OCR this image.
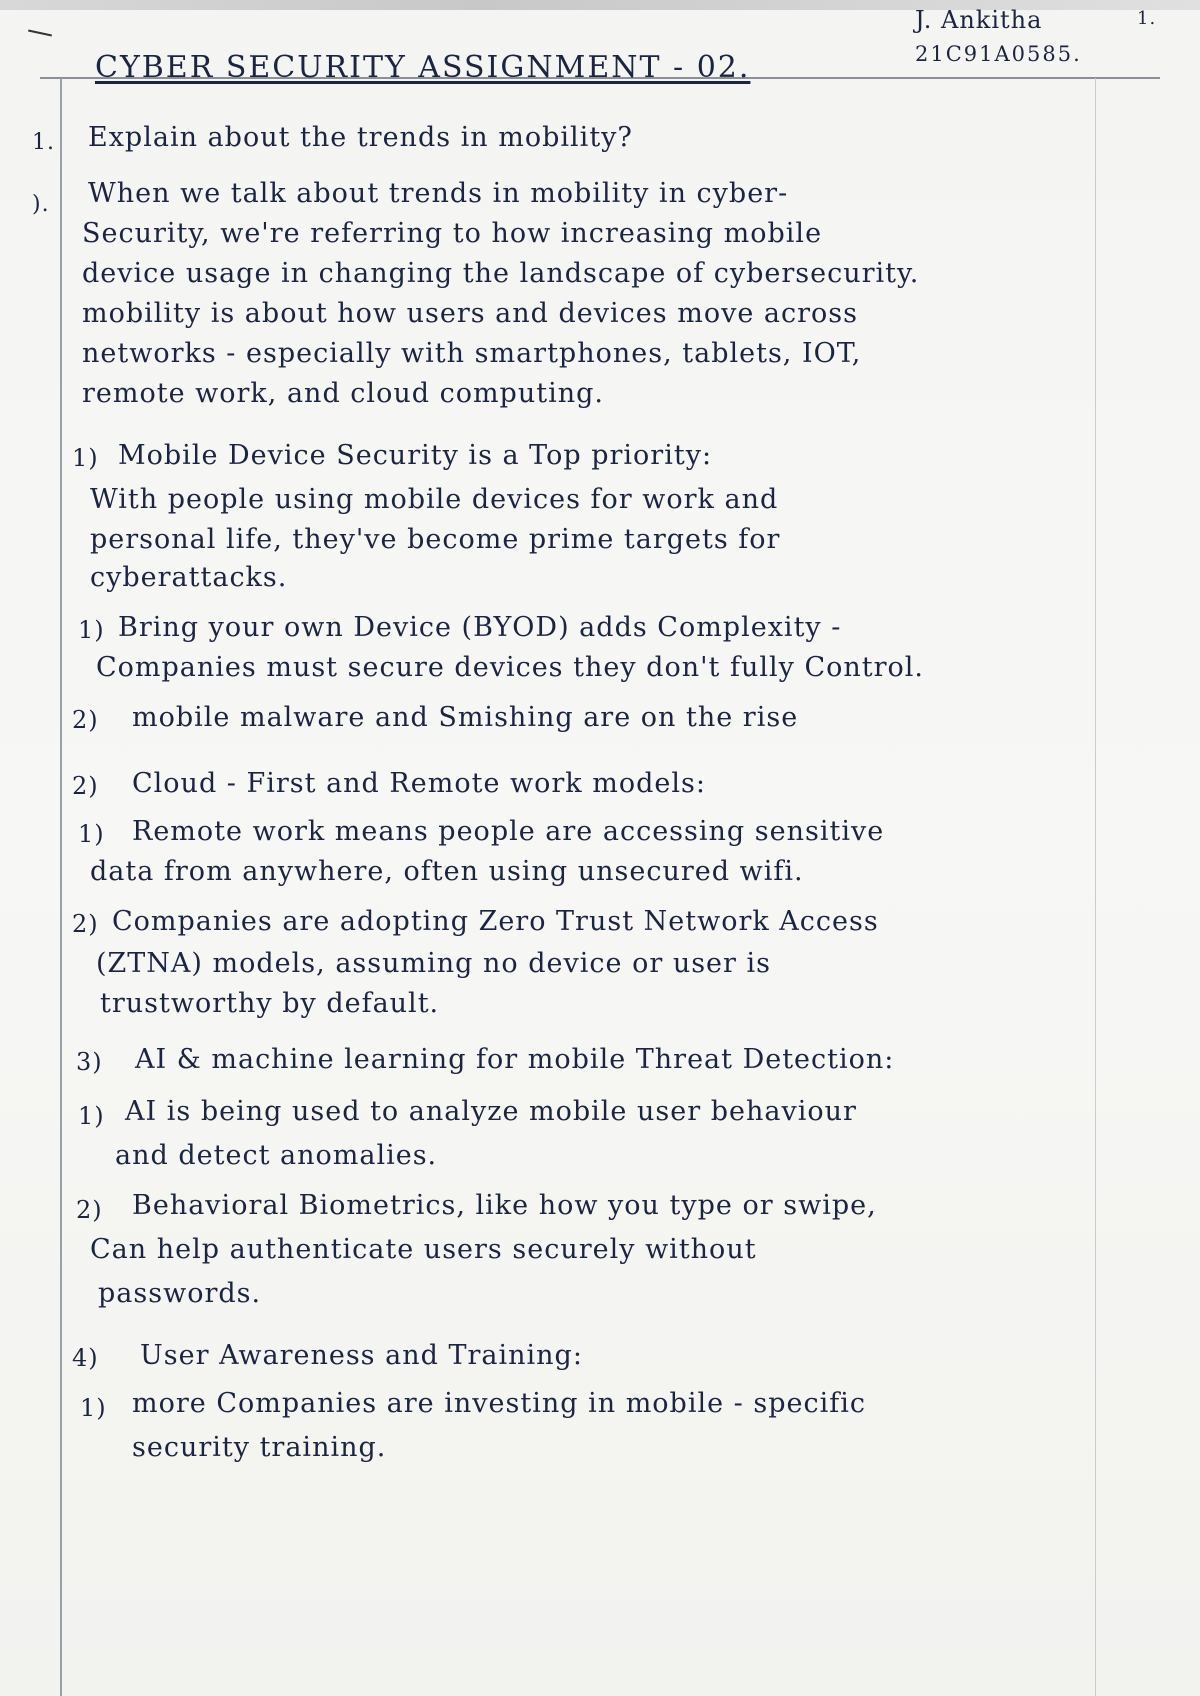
J. Ankitha

21C91A0585.

1.

CYBER SECURITY ASSIGNMENT - 02.

1. Explain about the trends in mobility?

). When we talk about trends in mobility in cyber-

Security, we're referring to how increasing mobile

device usage in changing the landscape of cybersecurity.

mobility is about how users and devices move across

networks - especially with smartphones, tablets, IOT,

remote work, and cloud computing.

1) Mobile Device Security is a Top priority:

With people using mobile devices for work and

personal life, they've become prime targets for

cyberattacks.

1) Bring your own Device (BYOD) adds Complexity -

Companies must secure devices they don't fully Control.

2) mobile malware and Smishing are on the rise

2) Cloud - First and Remote work models:

1) Remote work means people are accessing sensitive

data from anywhere, often using unsecured wifi.

2) Companies are adopting Zero Trust Network Access

(ZTNA) models, assuming no device or user is

trustworthy by default.

3) AI & machine learning for mobile Threat Detection:

1) AI is being used to analyze mobile user behaviour

and detect anomalies.

2) Behavioral Biometrics, like how you type or swipe,

Can help authenticate users securely without

passwords.

4) User Awareness and Training:

1) more Companies are investing in mobile - specific

security training.
